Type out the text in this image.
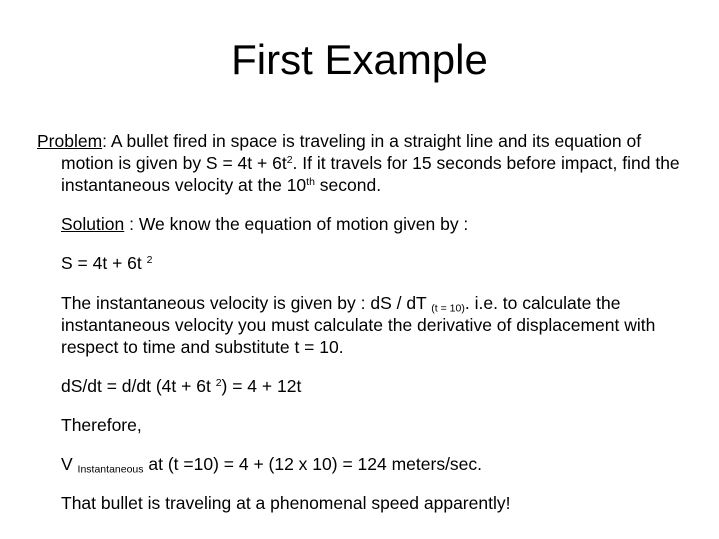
First Example

Problem: A bullet fired in space is traveling in a straight line and its equation of motion is given by $S = 4t + 6t^2$. If it travels for 15 seconds before impact, find the instantaneous velocity at the 10th second.

Solution : We know the equation of motion given by :

S = 4t + 6t $^2$

The instantaneous velocity is given by : dS / dT $_{(t = 10)}$. i.e. to calculate the instantaneous velocity you must calculate the derivative of displacement with respect to time and substitute t = 10.

dS/dt = d/dt (4t + 6t $^2$) = 4 + 12t

Therefore,

V $_{Instantaneous}$ at (t =10) = 4 + (12 x 10) = 124 meters/sec.

That bullet is traveling at a phenomenal speed apparently!
